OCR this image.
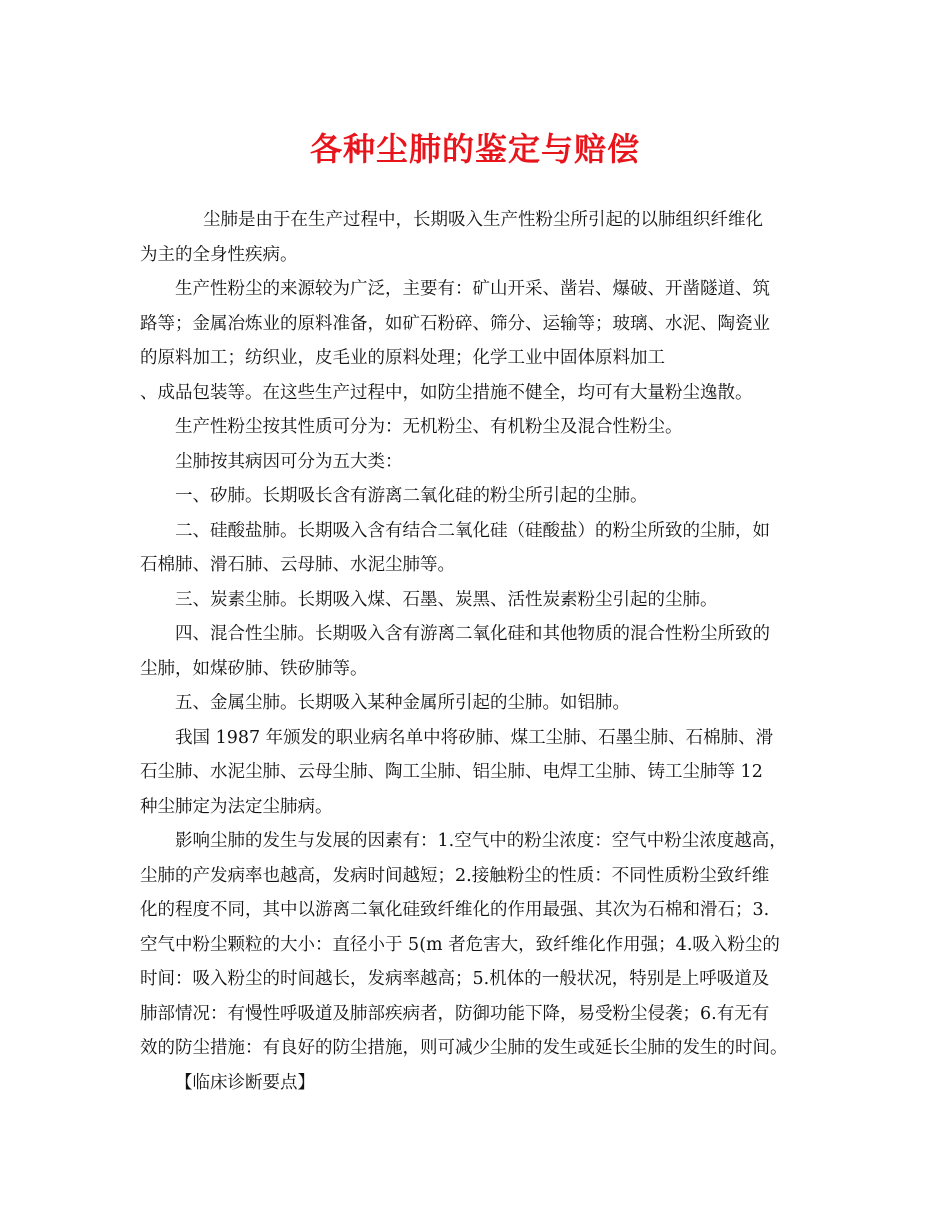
各种尘肺的鉴定与赔偿

尘肺是由于在生产过程中，长期吸入生产性粉尘所引起的以肺组织纤维化

为主的全身性疾病。

生产性粉尘的来源较为广泛，主要有：矿山开采、凿岩、爆破、开凿隧道、筑

路等；金属冶炼业的原料准备，如矿石粉碎、筛分、运输等；玻璃、水泥、陶瓷业
的原料加工；纺织业，皮毛业的原料处理；化学工业中固体原料加工
、成品包装等。在这些生产过程中，如防尘措施不健全，均可有大量粉尘逸散。

生产性粉尘按其性质可分为：无机粉尘、有机粉尘及混合性粉尘。

尘肺按其病因可分为五大类：

一、矽肺。长期吸长含有游离二氧化硅的粉尘所引起的尘肺。

二、硅酸盐肺。长期吸入含有结合二氧化硅（硅酸盐）的粉尘所致的尘肺，如

石棉肺、滑石肺、云母肺、水泥尘肺等。

三、炭素尘肺。长期吸入煤、石墨、炭黑、活性炭素粉尘引起的尘肺。

四、混合性尘肺。长期吸入含有游离二氧化硅和其他物质的混合性粉尘所致的

尘肺，如煤矽肺、铁矽肺等。

五、金属尘肺。长期吸入某种金属所引起的尘肺。如铝肺。

我国 1987 年颁发的职业病名单中将矽肺、煤工尘肺、石墨尘肺、石棉肺、滑

石尘肺、水泥尘肺、云母尘肺、陶工尘肺、铝尘肺、电焊工尘肺、铸工尘肺等 12
种尘肺定为法定尘肺病。

影响尘肺的发生与发展的因素有：1.空气中的粉尘浓度：空气中粉尘浓度越高，

尘肺的产发病率也越高，发病时间越短；2.接触粉尘的性质：不同性质粉尘致纤维
化的程度不同，其中以游离二氧化硅致纤维化的作用最强、其次为石棉和滑石；3.
空气中粉尘颗粒的大小：直径小于 5(m 者危害大，致纤维化作用强；4.吸入粉尘的
时间：吸入粉尘的时间越长，发病率越高；5.机体的一般状况，特别是上呼吸道及
肺部情况：有慢性呼吸道及肺部疾病者，防御功能下降，易受粉尘侵袭；6.有无有
效的防尘措施：有良好的防尘措施，则可减少尘肺的发生或延长尘肺的发生的时间。

【临床诊断要点】
